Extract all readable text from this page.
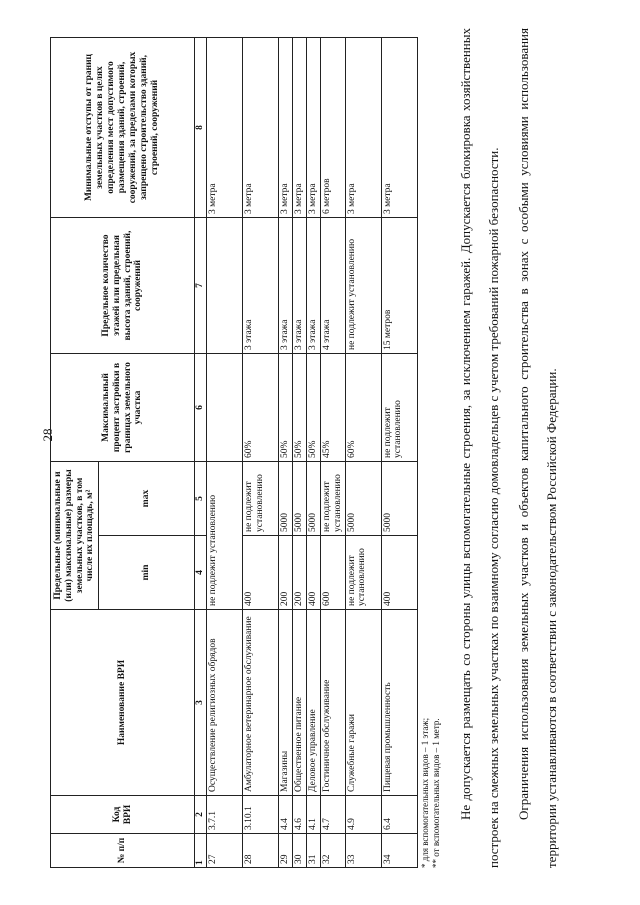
28
№ п/п	Код ВРИ	Наименование ВРИ	Предельные (минимальные и (или) максимальные) размеры земельных участков, в том числе их площадь, м²		Максимальный процент застройки в границах земельного участка	Предельное количество этажей или предельная высота зданий, строений, сооружений	Минимальные отступы от границ земельных участков в целях определения мест допустимого размещения зданий, строений, сооружений, за пределами которых запрещено строительство зданий, строений, сооружений
			min	max			
1	2	3	4	5	6	7	8
27	3.7.1	Осуществление религиозных обрядов	не подлежит установлению				3 метра
28	3.10.1	Амбулаторное ветеринарное обслуживание	400	не подлежит установлению	60%	3 этажа	3 метра
29	4.4	Магазины	200	5000	50%	3 этажа	3 метра
30	4.6	Общественное питание	200	5000	50%	3 этажа	3 метра
31	4.1	Деловое управление	400	5000	50%	3 этажа	3 метра
32	4.7	Гостиничное обслуживание	600	не подлежит установлению	45%	4 этажа	6 метров
33	4.9	Служебные гаражи	не подлежит установлению	5000	60%	не подлежит установлению	3 метра
34	6.4	Пищевая промышленность	400	5000	не подлежит установлению	15 метров	3 метра
* для вспомогательных видов – 1 этаж; ** от вспомогательных видов – 1 метр.	Не допускается размещать со стороны улицы вспомогательные строения, за исключением гаражей. Допускается блокировка хозяйственных построек на смежных земельных участках по взаимному согласию домовладельцев с учетом требований пожарной безопасности.	Ограничения использования земельных участков и объектов капитального строительства в зонах с особыми условиями использования территории устанавливаются в соответствии с законодательством Российской Федерации.
